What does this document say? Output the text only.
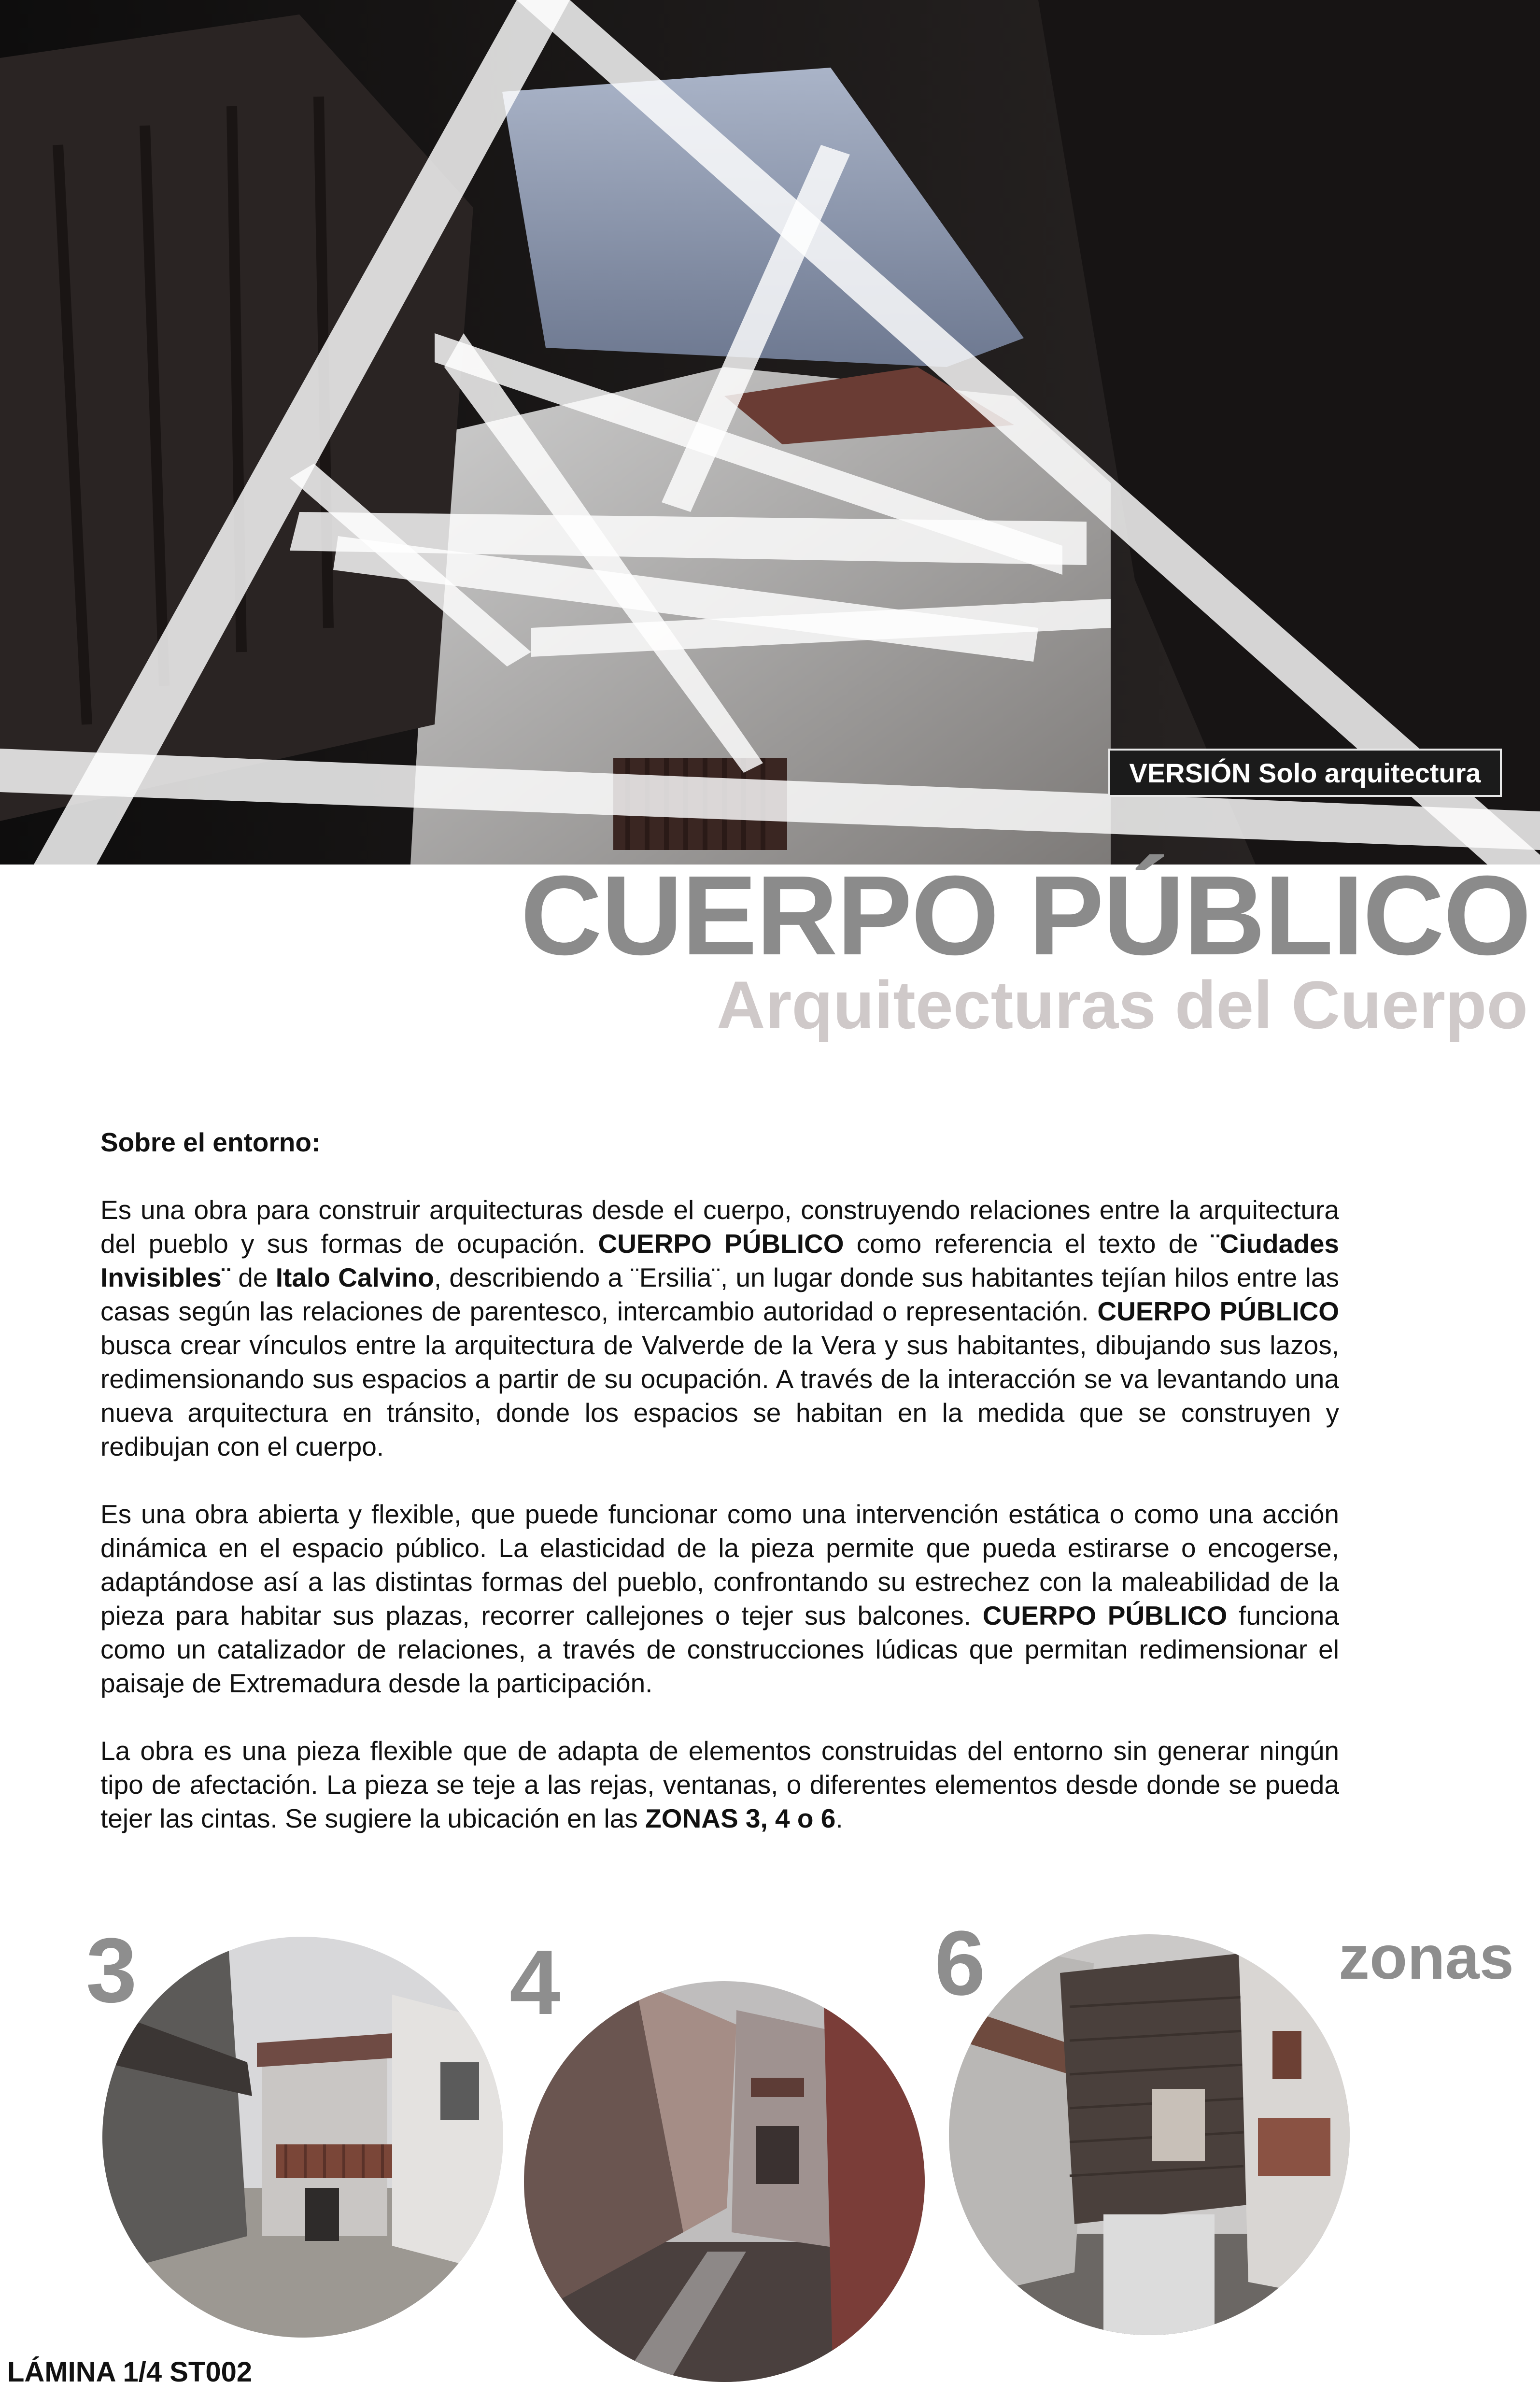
VERSIÓN Solo arquitectura
CUERPO PÚBLICO
Arquitecturas del Cuerpo
Sobre el entorno:

Es una obra para construir arquitecturas desde el cuerpo, construyendo relaciones entre la arquitectura del pueblo y sus formas de ocupación. CUERPO PÚBLICO como referencia el texto de ¨Ciudades Invisibles¨ de Italo Calvino, describiendo a ¨Ersilia¨, un lugar donde sus habitantes tejían hilos entre las casas según las relaciones de parentesco, intercambio autoridad o representación. CUERPO PÚBLICO busca crear vínculos entre la arquitectura de Valverde de la Vera y sus habitantes, dibujando sus lazos, redimensionando sus espacios a partir de su ocupación. A través de la interacción se va levantando una nueva arquitectura en tránsito, donde los espacios se habitan en la medida que se construyen y redibujan con el cuerpo.

Es una obra abierta y flexible, que puede funcionar como una intervención estática o como una acción dinámica en el espacio público. La elasticidad de la pieza permite que pueda estirarse o encogerse, adaptándose así a las distintas formas del pueblo, confrontando su estrechez con la maleabilidad de la pieza para habitar sus plazas, recorrer callejones o tejer sus balcones. CUERPO PÚBLICO funciona como un catalizador de relaciones, a través de construcciones lúdicas que permitan redimensionar el paisaje de Extremadura desde la participación.

La obra es una pieza flexible que de adapta de elementos construidas del entorno sin generar ningún tipo de afectación. La pieza se teje a las rejas, ventanas, o diferentes elementos desde donde se pueda tejer las cintas. Se sugiere la ubicación en las ZONAS 3, 4 o 6.

3	4	6	zonas
LÁMINA 1/4 ST002
